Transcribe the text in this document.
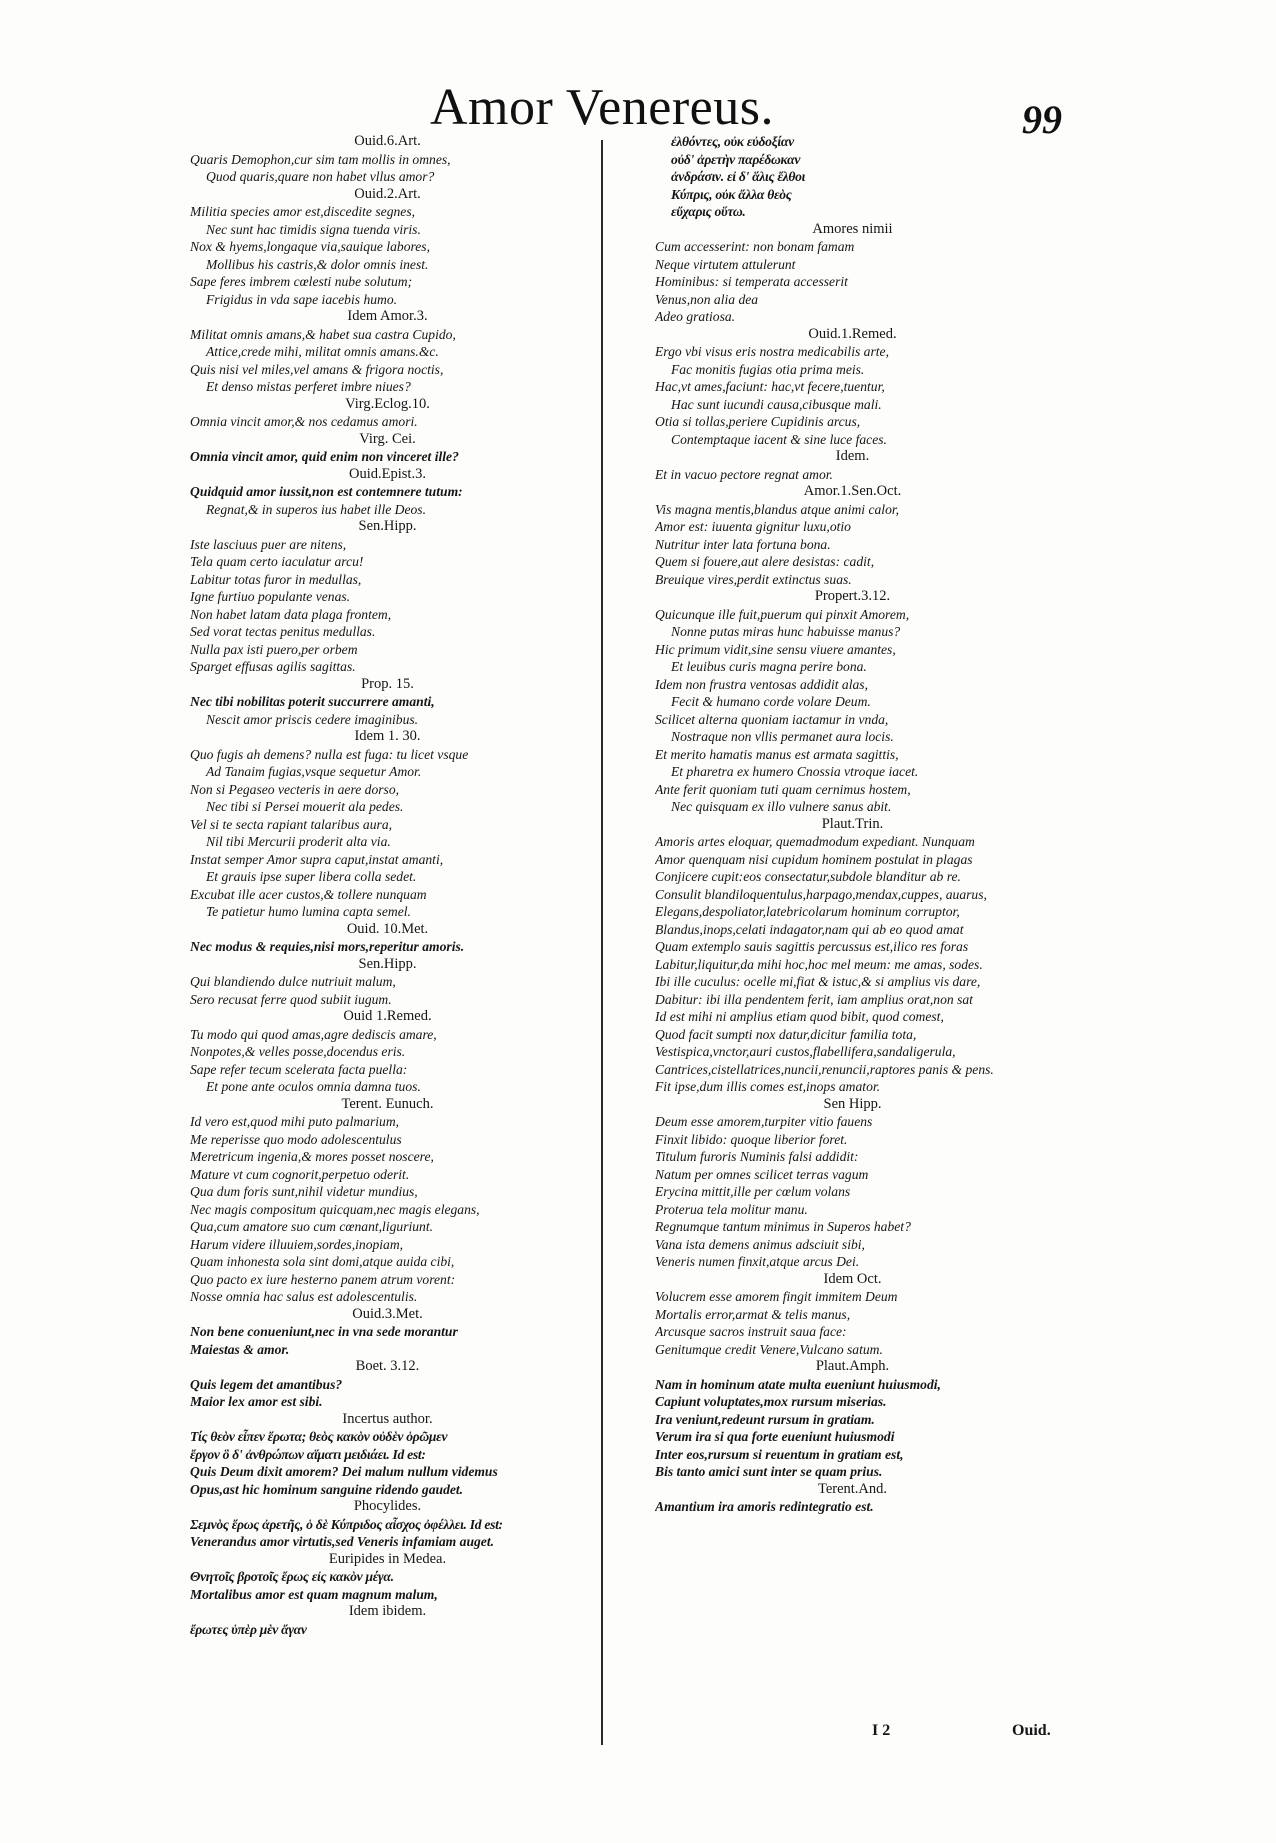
Amor Venereus.	99
Ouid.6.Art.
Quaris Demophon,cur sim tam mollis in omnes,
Quod quaris,quare non habet vllus amor?
Ouid.2.Art.
Militia species amor est,discedite segnes,
Nec sunt hac timidis signa tuenda viris.
Nox & hyems,longaque via,sauique labores,
Mollibus his castris,& dolor omnis inest.
Sape feres imbrem cœlesti nube solutum;
Frigidus in vda sape iacebis humo.
Idem Amor.3.
Militat omnis amans,& habet sua castra Cupido,
Attice,crede mihi, militat omnis amans.&c.
Quis nisi vel miles,vel amans & frigora noctis,
Et denso mistas perferet imbre niues?
Virg.Eclog.10.
Omnia vincit amor,& nos cedamus amori.
Virg. Cei.
Omnia vincit amor, quid enim non vinceret ille?
Ouid.Epist.3.
Quidquid amor iussit,non est contemnere tutum:
Regnat,& in superos ius habet ille Deos.
Sen.Hipp.
Iste lasciuus puer are nitens,
Tela quam certo iaculatur arcu!
Labitur totas furor in medullas,
Igne furtiuo populante venas.
Non habet latam data plaga frontem,
Sed vorat tectas penitus medullas.
Nulla pax isti puero,per orbem
Sparget effusas agilis sagittas.
Prop. 15.
Nec tibi nobilitas poterit succurrere amanti,
Nescit amor priscis cedere imaginibus.
Idem 1. 30.
Quo fugis ah demens? nulla est fuga: tu licet vsque
Ad Tanaim fugias,vsque sequetur Amor.
Non si Pegaseo vecteris in aere dorso,
Nec tibi si Persei mouerit ala pedes.
Vel si te secta rapiant talaribus aura,
Nil tibi Mercurii proderit alta via.
Instat semper Amor supra caput,instat amanti,
Et grauis ipse super libera colla sedet.
Excubat ille acer custos,& tollere nunquam
Te patietur humo lumina capta semel.
Ouid. 10.Met.
Nec modus & requies,nisi mors,reperitur amoris.
Sen.Hipp.
Qui blandiendo dulce nutriuit malum,
Sero recusat ferre quod subiit iugum.
Ouid 1.Remed.
Tu modo qui quod amas,agre dediscis amare,
Nonpotes,& velles posse,docendus eris.
Sape refer tecum scelerata facta puella:
Et pone ante oculos omnia damna tuos.
Terent. Eunuch.
Id vero est,quod mihi puto palmarium,
Me reperisse quo modo adolescentulus
Meretricum ingenia,& mores posset noscere,
Mature vt cum cognorit,perpetuo oderit.
Qua dum foris sunt,nihil videtur mundius,
Nec magis compositum quicquam,nec magis elegans,
Qua,cum amatore suo cum cœnant,liguriunt.
Harum videre illuuiem,sordes,inopiam,
Quam inhonesta sola sint domi,atque auida cibi,
Quo pacto ex iure hesterno panem atrum vorent:
Nosse omnia hac salus est adolescentulis.
Ouid.3.Met.
Non bene conueniunt,nec in vna sede morantur
Maiestas & amor.
Boet. 3.12.
Quis legem det amantibus?
Maior lex amor est sibi.
Incertus author.
Τίς θεὸν εἶπεν ἔρωτα; θεὸς κακὸν οὐδὲν ὁρῶμεν
ἔργον ὃ δ' ἀνθρώπων αἵματι μειδιάει. Id est:
Quis Deum dixit amorem? Dei malum nullum videmus
Opus,ast hic hominum sanguine ridendo gaudet.
Phocylides.
Σεμνὸς ἔρως ἀρετῆς, ὁ δὲ Κύπριδος αἶσχος ὀφέλλει. Id est:
Venerandus amor virtutis,sed Veneris infamiam auget.
Euripides in Medea.
Θνητοῖς βροτοῖς ἔρως εἰς κακὸν μέγα.
Mortalibus amor est quam magnum malum,
Idem ibidem.
ἔρωτες ὑπὲρ μὲν ἄγαν
ἐλθόντες, οὐκ εὐδοξίαν
οὐδ' ἀρετὴν παρέδωκαν
ἀνδράσιν. εἰ δ' ἅλις ἔλθοι
Κύπρις, οὐκ ἄλλα θεὸς
εὔχαρις οὕτω.
Amores nimii
Cum accesserint: non bonam famam
Neque virtutem attulerunt
Hominibus: si temperata accesserit
Venus,non alia dea
Adeo gratiosa.
Ouid.1.Remed.
Ergo vbi visus eris nostra medicabilis arte,
Fac monitis fugias otia prima meis.
Hac,vt ames,faciunt: hac,vt fecere,tuentur,
Hac sunt iucundi causa,cibusque mali.
Otia si tollas,periere Cupidinis arcus,
Contemptaque iacent & sine luce faces.
Idem.
Et in vacuo pectore regnat amor.
Amor.1.Sen.Oct.
Vis magna mentis,blandus atque animi calor,
Amor est: iuuenta gignitur luxu,otio
Nutritur inter lata fortuna bona.
Quem si fouere,aut alere desistas: cadit,
Breuique vires,perdit extinctus suas.
Propert.3.12.
Quicunque ille fuit,puerum qui pinxit Amorem,
Nonne putas miras hunc habuisse manus?
Hic primum vidit,sine sensu viuere amantes,
Et leuibus curis magna perire bona.
Idem non frustra ventosas addidit alas,
Fecit & humano corde volare Deum.
Scilicet alterna quoniam iactamur in vnda,
Nostraque non vllis permanet aura locis.
Et merito hamatis manus est armata sagittis,
Et pharetra ex humero Cnossia vtroque iacet.
Ante ferit quoniam tuti quam cernimus hostem,
Nec quisquam ex illo vulnere sanus abit.
Plaut.Trin.
Amoris artes eloquar, quemadmodum expediant. Nunquam
Amor quenquam nisi cupidum hominem postulat in plagas
Conjicere cupit:eos consectatur,subdole blanditur ab re.
Consulit blandiloquentulus,harpago,mendax,cuppes, auarus,
Elegans,despoliator,latebricolarum hominum corruptor,
Blandus,inops,celati indagator,nam qui ab eo quod amat
Quam extemplo sauis sagittis percussus est,ilico res foras
Labitur,liquitur,da mihi hoc,hoc mel meum: me amas, sodes.
Ibi ille cuculus: ocelle mi,fiat & istuc,& si amplius vis dare,
Dabitur: ibi illa pendentem ferit, iam amplius orat,non sat
Id est mihi ni amplius etiam quod bibit, quod comest,
Quod facit sumpti nox datur,dicitur familia tota,
Vestispica,vnctor,auri custos,flabellifera,sandaligerula,
Cantrices,cistellatrices,nuncii,renuncii,raptores panis & pens.
Fit ipse,dum illis comes est,inops amator.
Sen Hipp.
Deum esse amorem,turpiter vitio fauens
Finxit libido: quoque liberior foret.
Titulum furoris Numinis falsi addidit:
Natum per omnes scilicet terras vagum
Erycina mittit,ille per cœlum volans
Proterua tela molitur manu.
Regnumque tantum minimus in Superos habet?
Vana ista demens animus adsciuit sibi,
Veneris numen finxit,atque arcus Dei.
Idem Oct.
Volucrem esse amorem fingit immitem Deum
Mortalis error,armat & telis manus,
Arcusque sacros instruit saua face:
Genitumque credit Venere,Vulcano satum.
Plaut.Amph.
Nam in hominum atate multa eueniunt huiusmodi,
Capiunt voluptates,mox rursum miserias.
Ira veniunt,redeunt rursum in gratiam.
Verum ira si qua forte eueniunt huiusmodi
Inter eos,rursum si reuentum in gratiam est,
Bis tanto amici sunt inter se quam prius.
Terent.And.
Amantium ira amoris redintegratio est.
I 2	Ouid.
